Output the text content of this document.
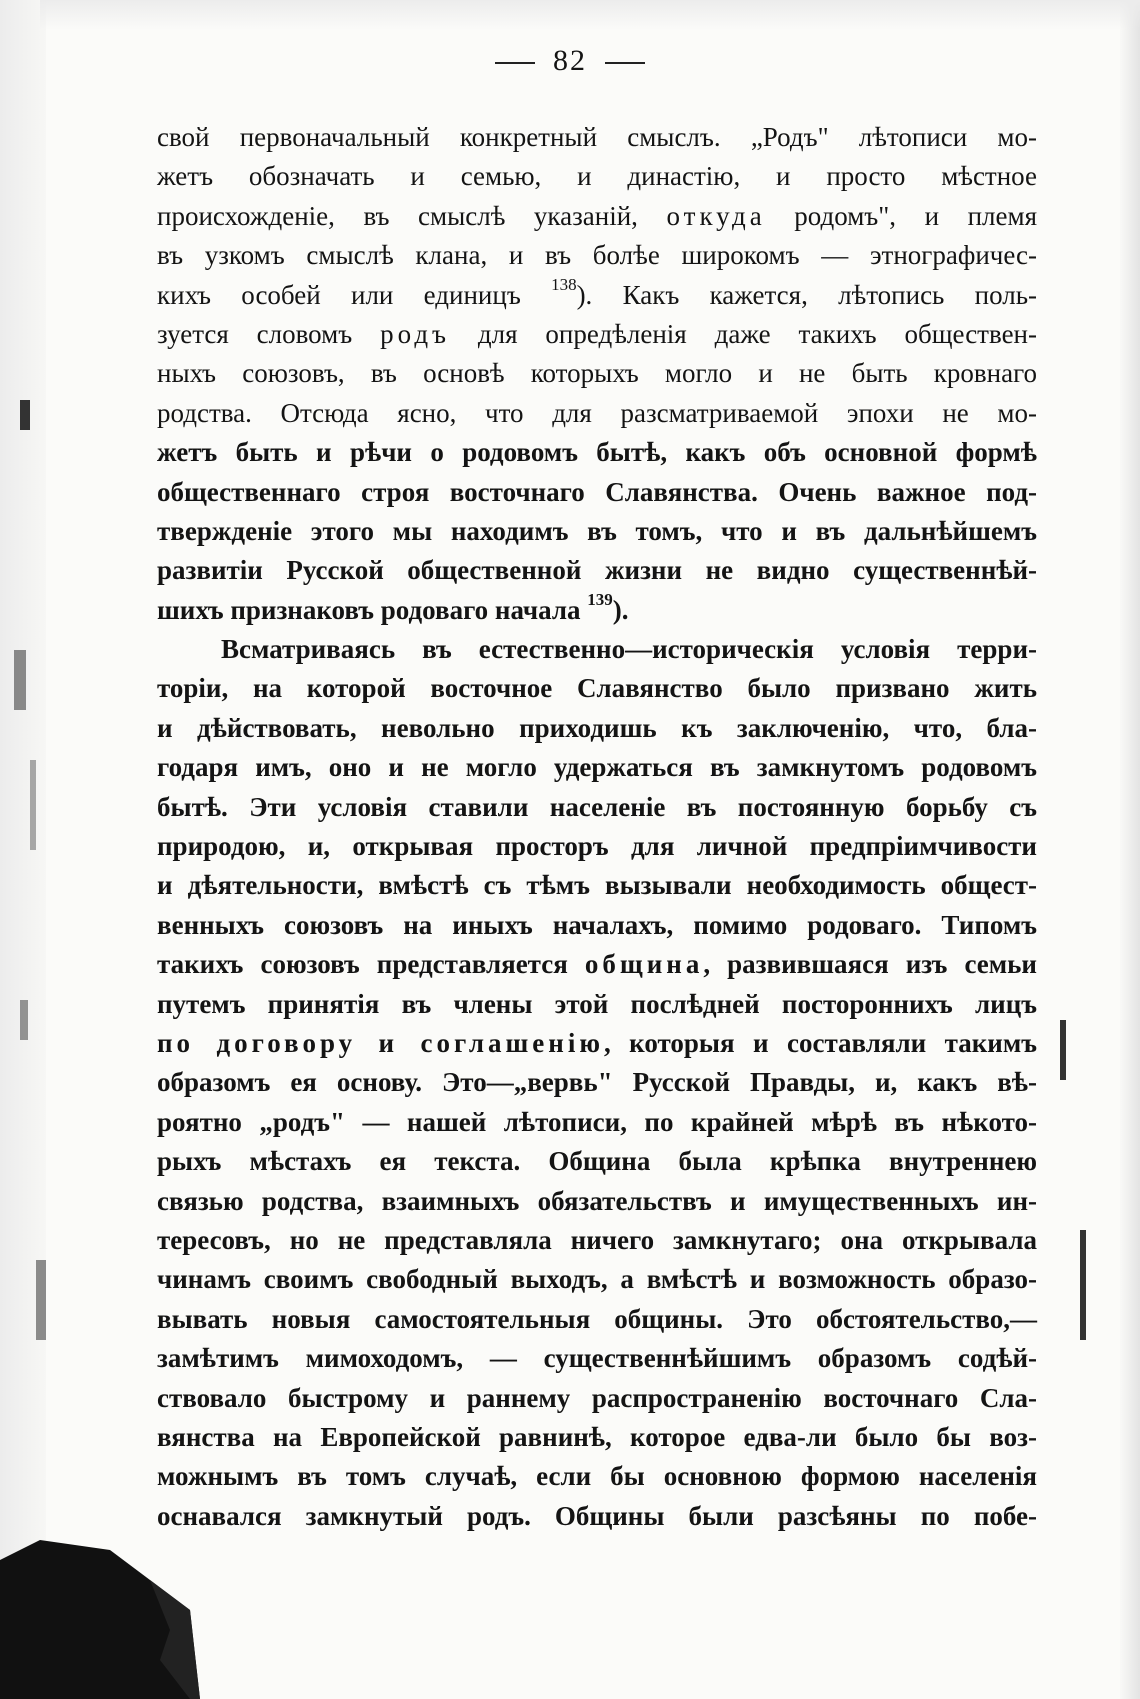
82
свой первоначальный конкретный смыслъ. „Родъ" лѣтописи мо-
жетъ обозначать и семью, и династію, и просто мѣстное
происхожденіе, въ смыслѣ указаній, откуда родомъ", и племя
въ узкомъ смыслѣ клана, и въ болѣе широкомъ — этнографичес-
кихъ особей или единицъ $^{138}$). Какъ кажется, лѣтопись поль-
зуется словомъ родъ для опредѣленія даже такихъ обществен-
ныхъ союзовъ, въ основѣ которыхъ могло и не быть кровнаго
родства. Отсюда ясно, что для разсматриваемой эпохи не мо-
жетъ быть и рѣчи о родовомъ бытѣ, какъ объ основной формѣ
общественнаго строя восточнаго Славянства. Очень важное под-
твержденіе этого мы находимъ въ томъ, что и въ дальнѣйшемъ
развитіи Русской общественной жизни не видно существеннѣй-
шихъ признаковъ родоваго начала $^{139}$).
Всматриваясь въ естественно—историческія условія терри-
торіи, на которой восточное Славянство было призвано жить
и дѣйствовать, невольно приходишь къ заключенію, что, бла-
годаря имъ, оно и не могло удержаться въ замкнутомъ родовомъ
бытѣ. Эти условія ставили населеніе въ постоянную борьбу съ
природою, и, открывая просторъ для личной предпріимчивости
и дѣятельности, вмѣстѣ съ тѣмъ вызывали необходимость общест-
венныхъ союзовъ на иныхъ началахъ, помимо родоваго. Типомъ
такихъ союзовъ представляется община, развившаяся изъ семьи
путемъ принятія въ члены этой послѣдней постороннихъ лицъ
по договору и соглашенію, которыя и составляли такимъ
образомъ ея основу. Это—„вервь" Русской Правды, и, какъ вѣ-
роятно „родъ" — нашей лѣтописи, по крайней мѣрѣ въ нѣкото-
рыхъ мѣстахъ ея текста. Община была крѣпка внутреннею
связью родства, взаимныхъ обязательствъ и имущественныхъ ин-
тересовъ, но не представляла ничего замкнутаго; она открывала
чинамъ своимъ свободный выходъ, а вмѣстѣ и возможность образо-
вывать новыя самостоятельныя общины. Это обстоятельство,—
замѣтимъ мимоходомъ, — существеннѣйшимъ образомъ содѣй-
ствовало быстрому и раннему распространенію восточнаго Сла-
вянства на Европейской равнинѣ, которое едва-ли было бы воз-
можнымъ въ томъ случаѣ, если бы основною формою населенія
оснавался замкнутый родъ. Общины были разсѣяны по побе-
